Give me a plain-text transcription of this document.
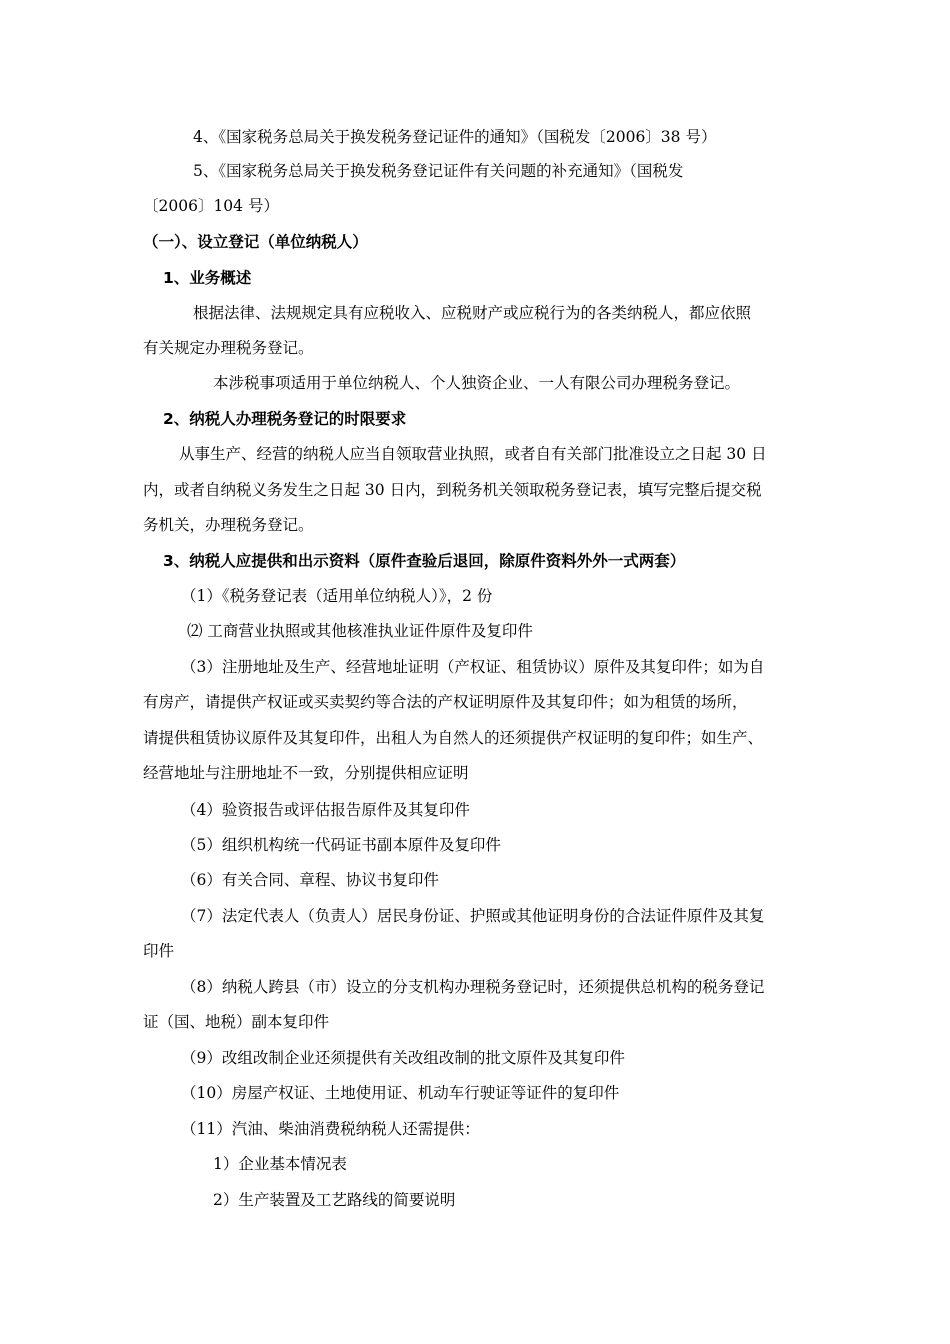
4、《国家税务总局关于换发税务登记证件的通知》（国税发〔2006〕38 号）
5、《国家税务总局关于换发税务登记证件有关问题的补充通知》（国税发
〔2006〕104 号）
（一）、设立登记（单位纳税人）
1、业务概述
根据法律、法规规定具有应税收入、应税财产或应税行为的各类纳税人，都应依照
有关规定办理税务登记。
本涉税事项适用于单位纳税人、个人独资企业、一人有限公司办理税务登记。
2、纳税人办理税务登记的时限要求
从事生产、经营的纳税人应当自领取营业执照，或者自有关部门批准设立之日起 30 日
内，或者自纳税义务发生之日起 30 日内，到税务机关领取税务登记表，填写完整后提交税
务机关，办理税务登记。
3、纳税人应提供和出示资料（原件查验后退回，除原件资料外外一式两套）
（1）《税务登记表（适用单位纳税人）》，2 份
⑵ 工商营业执照或其他核准执业证件原件及复印件
（3）注册地址及生产、经营地址证明（产权证、租赁协议）原件及其复印件；如为自
有房产，请提供产权证或买卖契约等合法的产权证明原件及其复印件；如为租赁的场所，
请提供租赁协议原件及其复印件，出租人为自然人的还须提供产权证明的复印件；如生产、
经营地址与注册地址不一致，分别提供相应证明
（4）验资报告或评估报告原件及其复印件
（5）组织机构统一代码证书副本原件及复印件
（6）有关合同、章程、协议书复印件
（7）法定代表人（负责人）居民身份证、护照或其他证明身份的合法证件原件及其复
印件
（8）纳税人跨县（市）设立的分支机构办理税务登记时，还须提供总机构的税务登记
证（国、地税）副本复印件
（9）改组改制企业还须提供有关改组改制的批文原件及其复印件
（10）房屋产权证、土地使用证、机动车行驶证等证件的复印件
（11）汽油、柴油消费税纳税人还需提供：
1）企业基本情况表
2）生产装置及工艺路线的简要说明
